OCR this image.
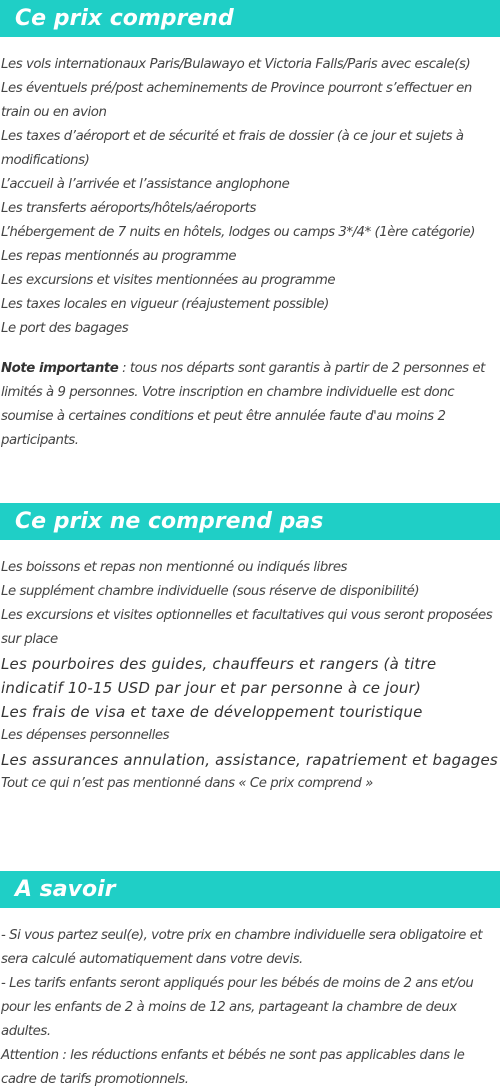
Ce prix comprend
Les vols internationaux Paris/Bulawayo et Victoria Falls/Paris avec escale(s)
Les éventuels pré/post acheminements de Province pourront s’effectuer en train ou en avion
Les taxes d’aéroport et de sécurité et frais de dossier (à ce jour et sujets à modifications)
L’accueil à l’arrivée et l’assistance anglophone
Les transferts aéroports/hôtels/aéroports
L’hébergement de 7 nuits en hôtels, lodges ou camps 3*/4* (1ère catégorie)
Les repas mentionnés au programme
Les excursions et visites mentionnées au programme
Les taxes locales en vigueur (réajustement possible)
Le port des bagages

Note importante : tous nos départs sont garantis à partir de 2 personnes et limités à 9 personnes. Votre inscription en chambre individuelle est donc soumise à certaines conditions et peut être annulée faute d'au moins 2 participants.

Ce prix ne comprend pas
Les boissons et repas non mentionné ou indiqués libres
Le supplément chambre individuelle (sous réserve de disponibilité)
Les excursions et visites optionnelles et facultatives qui vous seront proposées sur place
Les pourboires des guides, chauffeurs et rangers (à titre indicatif 10-15 USD par jour et par personne à ce jour)
Les frais de visa et taxe de développement touristique
Les dépenses personnelles
Les assurances annulation, assistance, rapatriement et bagages
Tout ce qui n’est pas mentionné dans « Ce prix comprend »
A savoir

- Si vous partez seul(e), votre prix en chambre individuelle sera obligatoire et sera calculé automatiquement dans votre devis.

- Les tarifs enfants seront appliqués pour les bébés de moins de 2 ans et/ou pour les enfants de 2 à moins de 12 ans, partageant la chambre de deux adultes.

Attention : les réductions enfants et bébés ne sont pas applicables dans le cadre de tarifs promotionnels.
